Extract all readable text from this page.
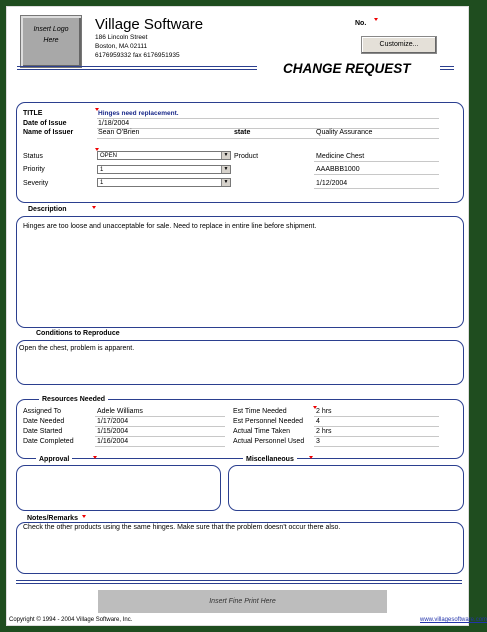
Insert Logo Here
Village Software
186 Lincoln Street
Boston, MA 02111
6176959332 fax 6176951935
No.
Customize...
CHANGE REQUEST
TITLE	Hinges need replacement.
Date of Issue	1/18/2004
Name of Issuer	Sean O'Brien	state	Quality Assurance
Status	OPEN	▼ Product	Medicine Chest
Priority	1	▼	AAABBB1000
Severity	1	▼	1/12/2004
Description
Hinges are too loose and unacceptable for sale. Need to replace in entire line before shipment.
Conditions to Reproduce
Open the chest, problem is apparent.
Resources Needed
Assigned To	Adele Williams	Est Time Needed	2 hrs
Date Needed	1/17/2004	Est Personnel Needed 4
Date Started	1/15/2004	Actual Time Taken	2 hrs
Date Completed	1/16/2004	Actual Personnel Used 3
Approval	Miscellaneous
Notes/Remarks
Check the other products using the same hinges. Make sure that the problem doesn't occur there also.
Insert Fine Print Here
Copyright © 1994 - 2004 Village Software, Inc.	www.villagesoftware.com
